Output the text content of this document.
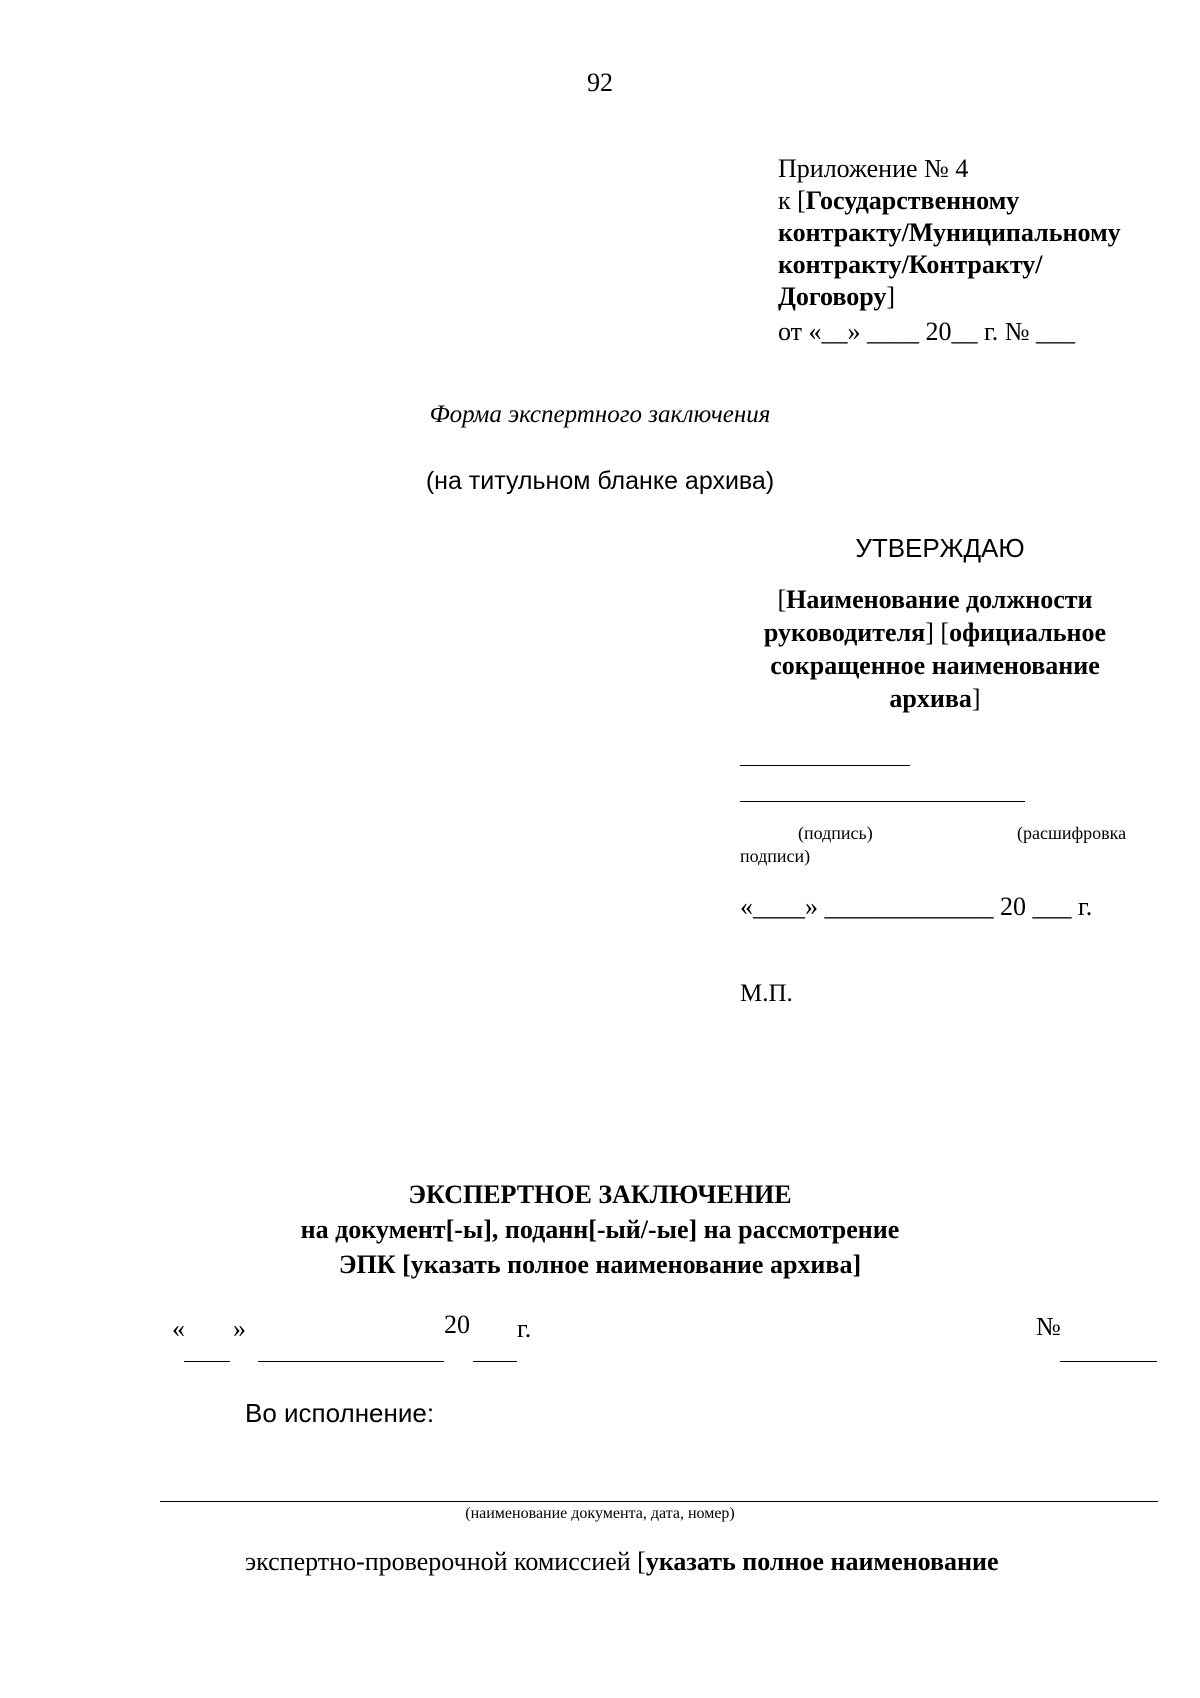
92
Приложение № 4
к [Государственному
контракту/Муниципальному
контракту/Контракту/
Договору]
от «__» ____ 20__ г. № ___
Форма экспертного заключения
(на титульном бланке архива)
УТВЕРЖДАЮ
[Наименование должности
руководителя] [официальное
сокращенное наименование
архива]
(подпись)	(расшифровка
подписи)
«____» _____________ 20 ___ г.
М.П.
ЭКСПЕРТНОЕ ЗАКЛЮЧЕНИЕ
на документ[-ы], поданн[-ый/-ые] на рассмотрение
ЭПК [указать полное наименование архива]
« »	20 г.	№
Во исполнение:
(наименование документа, дата, номер)
экспертно-проверочной комиссией [указать полное наименование
